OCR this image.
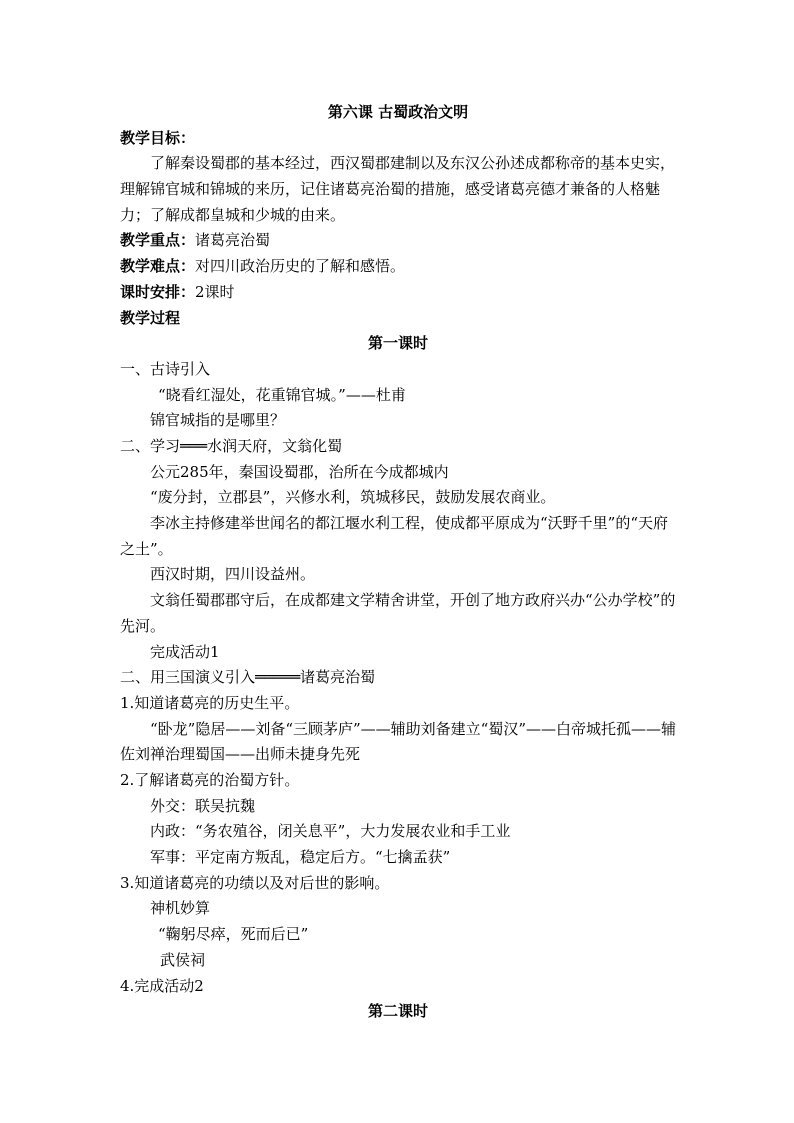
第六课 古蜀政治文明
教学目标：
了解秦设蜀郡的基本经过，西汉蜀郡建制以及东汉公孙述成都称帝的基本史实，理解锦官城和锦城的来历，记住诸葛亮治蜀的措施，感受诸葛亮德才兼备的人格魅力；了解成都皇城和少城的由来。
教学重点：诸葛亮治蜀
教学难点：对四川政治历史的了解和感悟。
课时安排：2课时
教学过程
第一课时
一、古诗引入
“晓看红湿处，花重锦官城。”——杜甫
锦官城指的是哪里？
二、学习═══水润天府，文翁化蜀
公元285年，秦国设蜀郡，治所在今成都城内
“废分封，立郡县”，兴修水利，筑城移民，鼓励发展农商业。
李冰主持修建举世闻名的都江堰水利工程，使成都平原成为“沃野千里”的“天府之土”。
西汉时期，四川设益州。
文翁任蜀郡郡守后，在成都建文学精舍讲堂，开创了地方政府兴办“公办学校”的先河。
完成活动1
二、用三国演义引入═════诸葛亮治蜀
1.知道诸葛亮的历史生平。
“卧龙”隐居——刘备“三顾茅庐”——辅助刘备建立“蜀汉”——白帝城托孤——辅佐刘禅治理蜀国——出师未捷身先死
2.了解诸葛亮的治蜀方针。
外交：联吴抗魏
内政：“务农殖谷，闭关息平”，大力发展农业和手工业
军事：平定南方叛乱，稳定后方。“七擒孟获”
3.知道诸葛亮的功绩以及对后世的影响。
神机妙算
“鞠躬尽瘁，死而后已”
武侯祠
4.完成活动2
第二课时
